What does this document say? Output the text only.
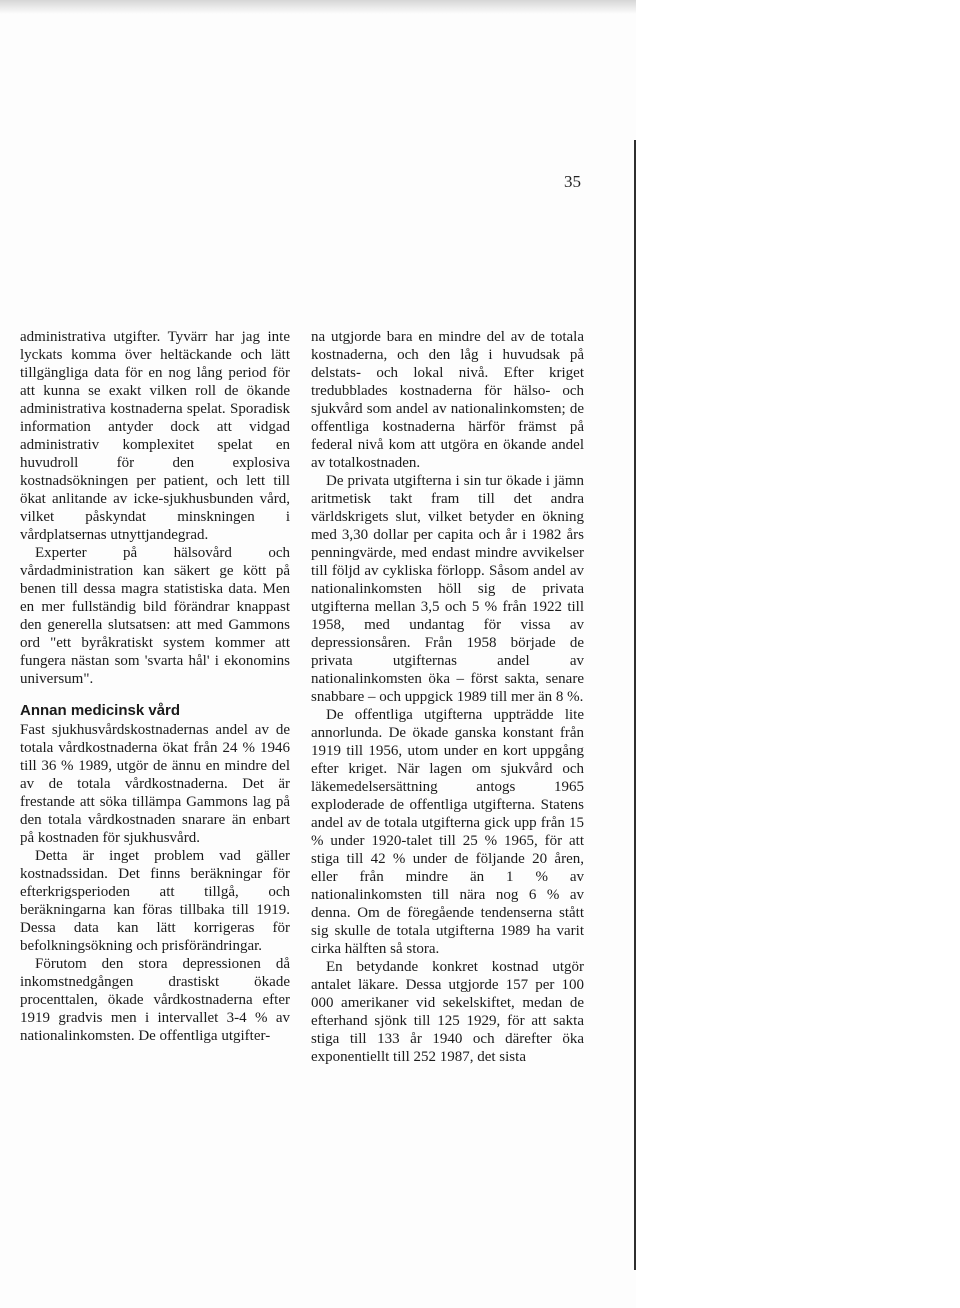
35

administrativa utgifter. Tyvärr har jag inte lyckats komma över heltäckande och lätt tillgängliga data för en nog lång period för att kunna se exakt vilken roll de ökande administrativa kostnaderna spelat. Sporadisk information antyder dock att vidgad administrativ komplexitet spelat en huvudroll för den explosiva kostnadsökningen per patient, och lett till ökat anlitande av icke-sjukhusbunden vård, vilket påskyndat minskningen i vårdplatsernas utnyttjandegrad.

Experter på hälsovård och vårdadministration kan säkert ge kött på benen till dessa magra statistiska data. Men en mer fullständig bild förändrar knappast den generella slutsatsen: att med Gammons ord "ett byråkratiskt system kommer att fungera nästan som 'svarta hål' i ekonomins universum".

Annan medicinsk vård

Fast sjukhusvårdskostnadernas andel av de totala vårdkostnaderna ökat från 24 % 1946 till 36 % 1989, utgör de ännu en mindre del av de totala vårdkostnaderna. Det är frestande att söka tillämpa Gammons lag på den totala vårdkostnaden snarare än enbart på kostnaden för sjukhusvård.

Detta är inget problem vad gäller kostnadssidan. Det finns beräkningar för efterkrigsperioden att tillgå, och beräkningarna kan föras tillbaka till 1919. Dessa data kan lätt korrigeras för befolkningsökning och prisförändringar.

Förutom den stora depressionen då inkomstnedgången drastiskt ökade procenttalen, ökade vårdkostnaderna efter 1919 gradvis men i intervallet 3-4 % av nationalinkomsten. De offentliga utgifter-

na utgjorde bara en mindre del av de totala kostnaderna, och den låg i huvudsak på delstats- och lokal nivå. Efter kriget tredubblades kostnaderna för hälso- och sjukvård som andel av nationalinkomsten; de offentliga kostnaderna härför främst på federal nivå kom att utgöra en ökande andel av totalkostnaden.

De privata utgifterna i sin tur ökade i jämn aritmetisk takt fram till det andra världskrigets slut, vilket betyder en ökning med 3,30 dollar per capita och år i 1982 års penningvärde, med endast mindre avvikelser till följd av cykliska förlopp. Såsom andel av nationalinkomsten höll sig de privata utgifterna mellan 3,5 och 5 % från 1922 till 1958, med undantag för vissa av depressionsåren. Från 1958 började de privata utgifternas andel av nationalinkomsten öka – först sakta, senare snabbare – och uppgick 1989 till mer än 8 %.

De offentliga utgifterna uppträdde lite annorlunda. De ökade ganska konstant från 1919 till 1956, utom under en kort uppgång efter kriget. När lagen om sjukvård och läkemedelsersättning antogs 1965 exploderade de offentliga utgifterna. Statens andel av de totala utgifterna gick upp från 15 % under 1920-talet till 25 % 1965, för att stiga till 42 % under de följande 20 åren, eller från mindre än 1 % av nationalinkomsten till nära nog 6 % av denna. Om de föregående tendenserna stått sig skulle de totala utgifterna 1989 ha varit cirka hälften så stora.

En betydande konkret kostnad utgör antalet läkare. Dessa utgjorde 157 per 100 000 amerikaner vid sekelskiftet, medan de efterhand sjönk till 125 1929, för att sakta stiga till 133 år 1940 och därefter öka exponentiellt till 252 1987, det sista
